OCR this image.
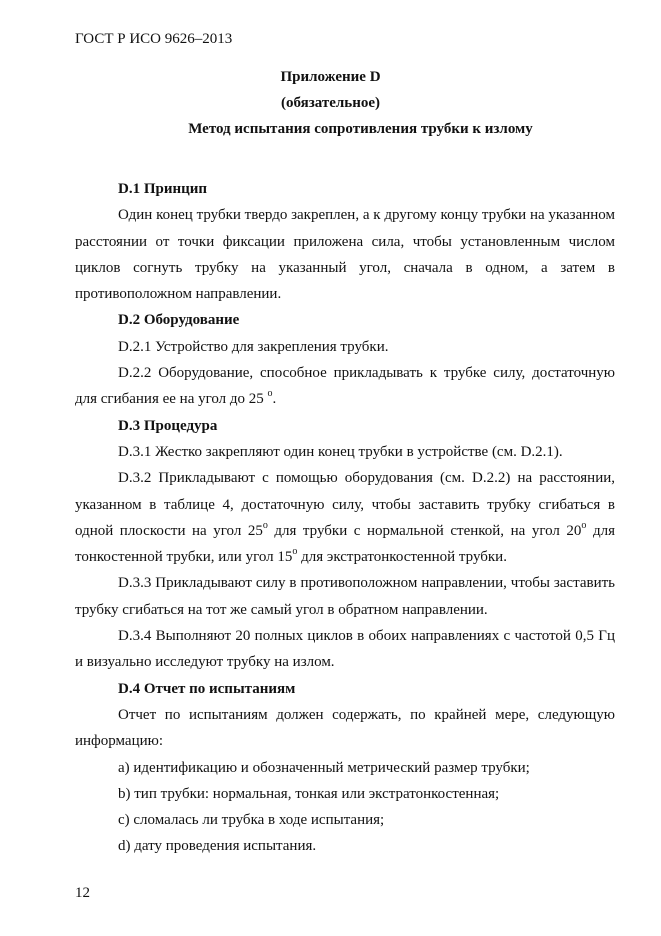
ГОСТ Р ИСО 9626–2013
Приложение D
(обязательное)
Метод испытания сопротивления трубки к излому

D.1 Принцип

Один конец трубки твердо закреплен, а к другому концу трубки на указанном расстоянии от точки фиксации приложена сила, чтобы установленным числом циклов согнуть трубку на указанный угол, сначала в одном, а затем в противоположном направлении.

D.2 Оборудование

D.2.1 Устройство для закрепления трубки.

D.2.2 Оборудование, способное прикладывать к трубке силу, достаточную для сгибания ее на угол до 25 $^o$.

D.3 Процедура

D.3.1 Жестко закрепляют один конец трубки в устройстве (см. D.2.1).

D.3.2 Прикладывают с помощью оборудования (см. D.2.2) на расстоянии, указанном в таблице 4, достаточную силу, чтобы заставить трубку сгибаться в одной плоскости на угол 25$^o$ для трубки с нормальной стенкой, на угол 20$^o$ для тонкостенной трубки, или угол 15$^o$ для экстратонкостенной трубки.

D.3.3 Прикладывают силу в противоположном направлении, чтобы заставить трубку сгибаться на тот же самый угол в обратном направлении.

D.3.4 Выполняют 20 полных циклов в обоих направлениях с частотой 0,5 Гц и визуально исследуют трубку на излом.

D.4 Отчет по испытаниям

Отчет по испытаниям должен содержать, по крайней мере, следующую информацию:

a) идентификацию и обозначенный метрический размер трубки;

b) тип трубки: нормальная, тонкая или экстратонкостенная;

c) сломалась ли трубка в ходе испытания;

d) дату проведения испытания.

12
